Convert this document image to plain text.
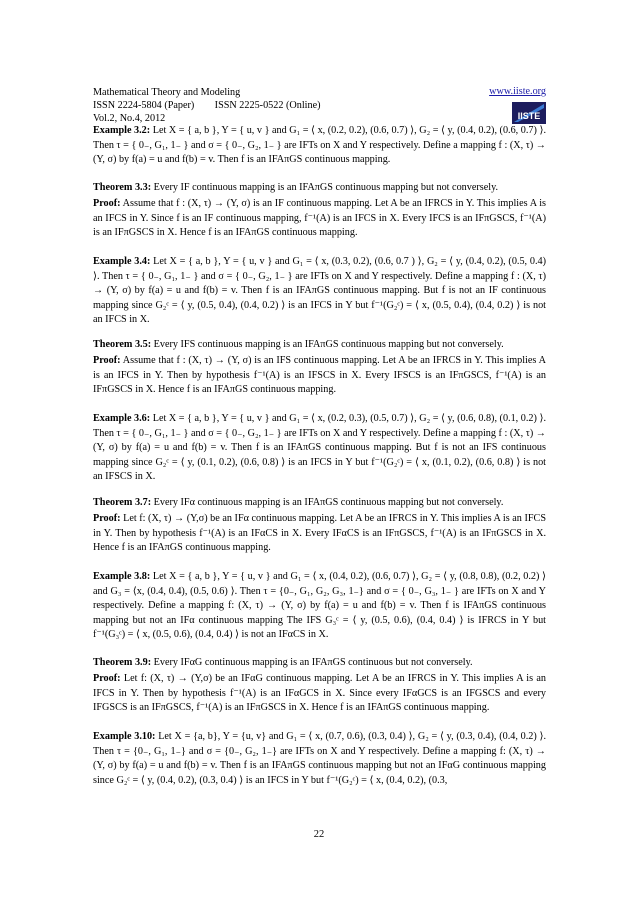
Mathematical Theory and Modeling	www.iiste.org
ISSN 2224-5804 (Paper)        ISSN 2225-0522 (Online)
Vol.2, No.4, 2012	IISTE
Example 3.2: Let X = { a, b }, Y = { u, v } and G₁ = ⟨ x, (0.2, 0.2), (0.6, 0.7) ⟩, G₂ = ⟨ y, (0.4, 0.2), (0.6, 0.7) ⟩. Then τ = { 0₋, G₁, 1₋ } and σ = { 0₋, G₂, 1₋ } are IFTs on X and Y respectively. Define a mapping f : (X, τ) → (Y, σ) by f(a) = u and f(b) = v. Then f is an IFAπGS continuous mapping.
Theorem 3.3: Every IF continuous mapping is an IFAπGS continuous mapping but not conversely.
Proof: Assume that f : (X, τ) → (Y, σ) is an IF continuous mapping. Let A be an IFRCS in Y. This implies A is an IFCS in Y. Since f is an IF continuous mapping, f⁻¹(A) is an IFCS in X. Every IFCS is an IFπGSCS, f⁻¹(A) is an IFπGSCS in X. Hence f is an IFAπGS continuous mapping.
Example 3.4: Let X = { a, b }, Y = { u, v } and G₁ = ⟨ x, (0.3, 0.2), (0.6, 0.7 ) ⟩, G₂ = ⟨ y, (0.4, 0.2), (0.5, 0.4) ⟩. Then τ = { 0₋, G₁, 1₋ } and σ = { 0₋, G₂, 1₋ } are IFTs on X and Y respectively. Define a mapping f : (X, τ) → (Y, σ) by f(a) = u and f(b) = v. Then f is an IFAπGS continuous mapping. But f is not an IF continuous mapping since G₂ᶜ = ⟨ y, (0.5, 0.4), (0.4, 0.2) ⟩ is an IFCS in Y but f⁻¹(G₂ᶜ) = ⟨ x, (0.5, 0.4), (0.4, 0.2) ⟩ is not an IFCS in X.
Theorem 3.5: Every IFS continuous mapping is an IFAπGS continuous mapping but not conversely.
Proof: Assume that f : (X, τ) → (Y, σ) is an IFS continuous mapping. Let A be an IFRCS in Y. This implies A is an IFCS in Y. Then by hypothesis f⁻¹(A) is an IFSCS in X. Every IFSCS is an IFπGSCS, f⁻¹(A) is an IFπGSCS in X. Hence f is an IFAπGS continuous mapping.
Example 3.6: Let X = { a, b }, Y = { u, v } and G₁ = ⟨ x, (0.2, 0.3), (0.5, 0.7) ⟩, G₂ = ⟨ y, (0.6, 0.8), (0.1, 0.2) ⟩. Then τ = { 0₋, G₁, 1₋ } and σ = { 0₋, G₂, 1₋ } are IFTs on X and Y respectively. Define a mapping f : (X, τ) → (Y, σ) by f(a) = u and f(b) = v. Then f is an IFAπGS continuous mapping. But f is not an IFS continuous mapping since G₂ᶜ = ⟨ y, (0.1, 0.2), (0.6, 0.8) ⟩ is an IFCS in Y but f⁻¹(G₂ᶜ) = ⟨ x, (0.1, 0.2), (0.6, 0.8) ⟩ is not an IFSCS in X.
Theorem 3.7: Every IFα continuous mapping is an IFAπGS continuous mapping but not conversely.
Proof: Let f: (X, τ) → (Y,σ) be an IFα continuous mapping. Let A be an IFRCS in Y. This implies A is an IFCS in Y. Then by hypothesis f⁻¹(A) is an IFαCS in X. Every IFαCS is an IFπGSCS, f⁻¹(A) is an IFπGSCS in X. Hence f is an IFAπGS continuous mapping.
Example 3.8: Let X = { a, b }, Y = { u, v } and G₁ = ⟨ x, (0.4, 0.2), (0.6, 0.7) ⟩, G₂ = ⟨ y, (0.8, 0.8), (0.2, 0.2) ⟩ and G₃ = ⟨x, (0.4, 0.4), (0.5, 0.6) ⟩. Then τ = {0₋, G₁, G₂, G₃, 1₋} and σ = { 0₋, G₃, 1₋ } are IFTs on X and Y respectively. Define a mapping f: (X, τ) → (Y, σ) by f(a) = u and f(b) = v. Then f is IFAπGS continuous mapping but not an IFα continuous mapping The IFS G₃ᶜ = ⟨ y, (0.5, 0.6), (0.4, 0.4) ⟩ is IFRCS in Y but f⁻¹(G₃ᶜ) = ⟨ x, (0.5, 0.6), (0.4, 0.4) ⟩ is not an IFαCS in X.
Theorem 3.9: Every IFαG continuous mapping is an IFAπGS continuous but not conversely.
Proof: Let f: (X, τ) → (Y,σ) be an IFαG continuous mapping. Let A be an IFRCS in Y. This implies A is an IFCS in Y. Then by hypothesis f⁻¹(A) is an IFαGCS in X. Since every IFαGCS is an IFGSCS and every IFGSCS is an IFπGSCS, f⁻¹(A) is an IFπGSCS in X. Hence f is an IFAπGS continuous mapping.
Example 3.10: Let X = {a, b}, Y = {u, v} and G₁ = ⟨ x, (0.7, 0.6), (0.3, 0.4) ⟩, G₂ = ⟨ y, (0.3, 0.4), (0.4, 0.2) ⟩. Then τ = {0₋, G₁, 1₋} and σ = {0₋, G₂, 1₋} are IFTs on X and Y respectively. Define a mapping f: (X, τ) → (Y, σ) by f(a) = u and f(b) = v. Then f is an IFAπGS continuous mapping but not an IFαG continuous mapping since G₂ᶜ = ⟨ y, (0.4, 0.2), (0.3, 0.4) ⟩ is an IFCS in Y but f⁻¹(G₂ᶜ) = ⟨ x, (0.4, 0.2), (0.3,
22
